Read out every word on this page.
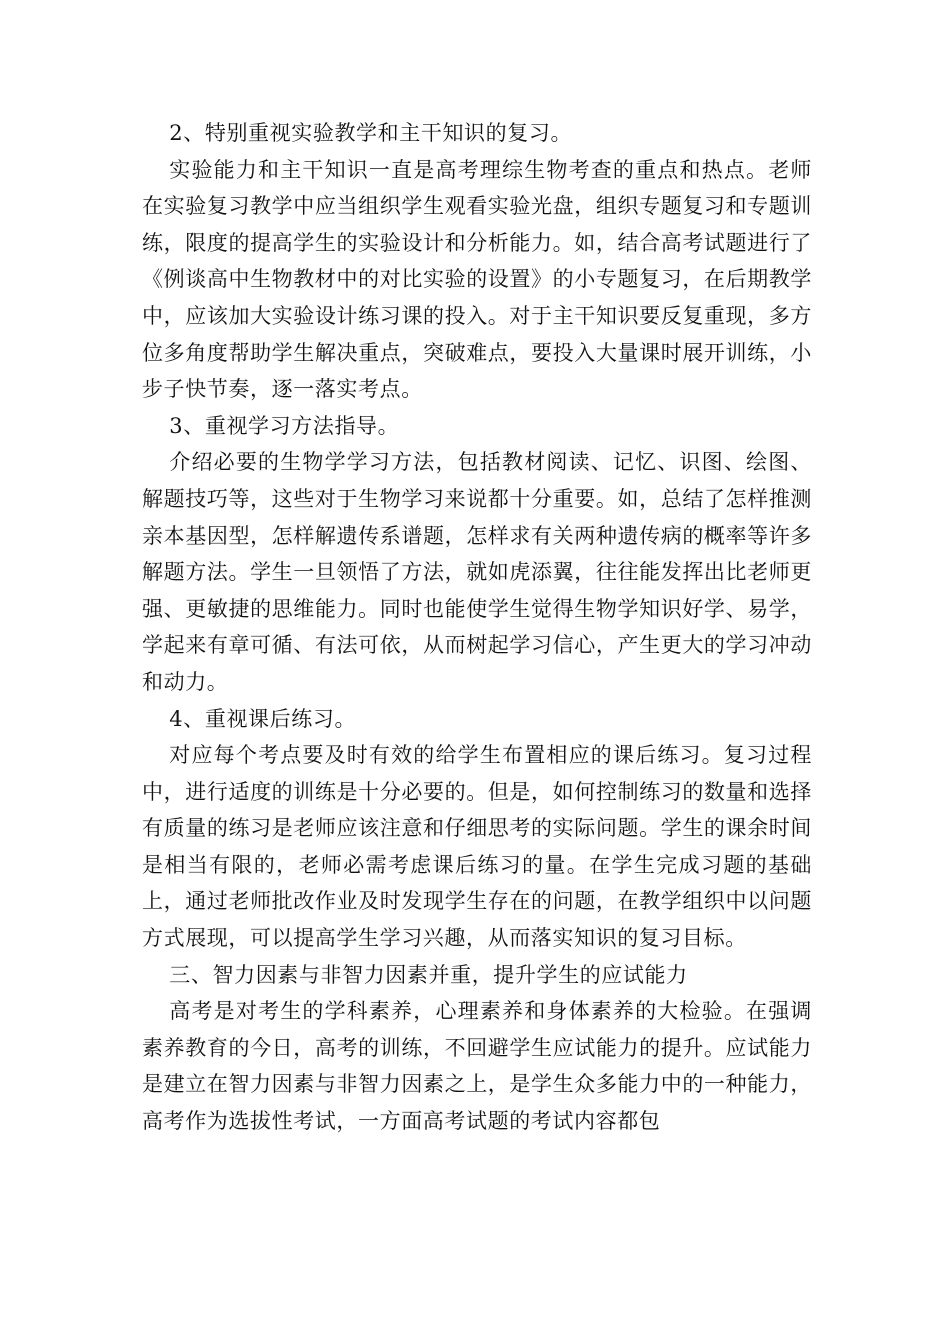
2、特别重视实验教学和主干知识的复习。

实验能力和主干知识一直是高考理综生物考查的重点和热点。老师在实验复习教学中应当组织学生观看实验光盘，组织专题复习和专题训练，限度的提高学生的实验设计和分析能力。如，结合高考试题进行了《例谈高中生物教材中的对比实验的设置》的小专题复习，在后期教学中，应该加大实验设计练习课的投入。对于主干知识要反复重现，多方位多角度帮助学生解决重点，突破难点，要投入大量课时展开训练，小步子快节奏，逐一落实考点。

3、重视学习方法指导。

介绍必要的生物学学习方法，包括教材阅读、记忆、识图、绘图、解题技巧等，这些对于生物学习来说都十分重要。如，总结了怎样推测亲本基因型，怎样解遗传系谱题，怎样求有关两种遗传病的概率等许多解题方法。学生一旦领悟了方法，就如虎添翼，往往能发挥出比老师更强、更敏捷的思维能力。同时也能使学生觉得生物学知识好学、易学，学起来有章可循、有法可依，从而树起学习信心，产生更大的学习冲动和动力。

4、重视课后练习。

对应每个考点要及时有效的给学生布置相应的课后练习。复习过程中，进行适度的训练是十分必要的。但是，如何控制练习的数量和选择有质量的练习是老师应该注意和仔细思考的实际问题。学生的课余时间是相当有限的，老师必需考虑课后练习的量。在学生完成习题的基础上，通过老师批改作业及时发现学生存在的问题，在教学组织中以问题方式展现，可以提高学生学习兴趣，从而落实知识的复习目标。

三、智力因素与非智力因素并重，提升学生的应试能力

高考是对考生的学科素养，心理素养和身体素养的大检验。在强调素养教育的今日，高考的训练，不回避学生应试能力的提升。应试能力是建立在智力因素与非智力因素之上，是学生众多能力中的一种能力，高考作为选拔性考试，一方面高考试题的考试内容都包
